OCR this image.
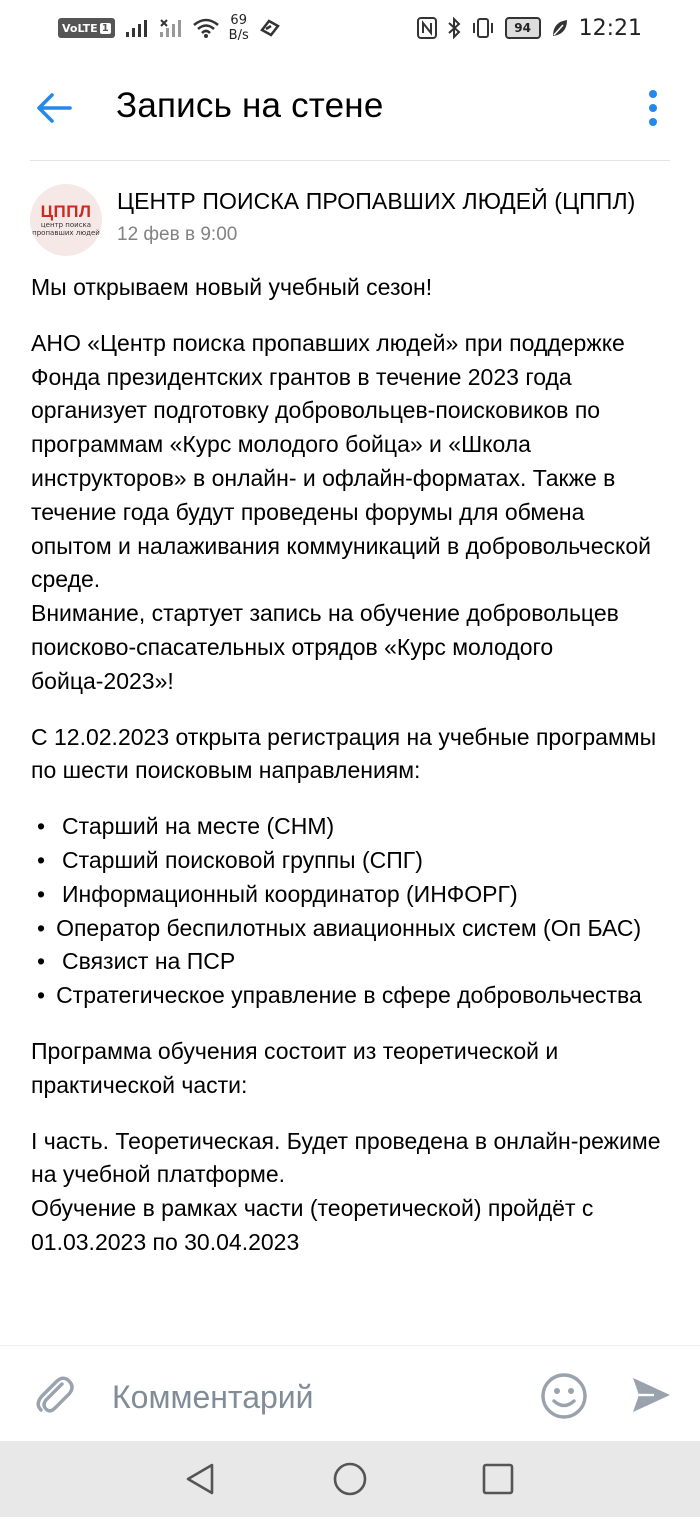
VoLTE 1	69
B/s	94 12:21
Запись на стене
ЦППЛ
центр поиска
пропавших людей
ЦЕНТР ПОИСКА ПРОПАВШИХ ЛЮДЕЙ (ЦППЛ)
12 фев в 9:00

Мы открываем новый учебный сезон!

АНО «Центр поиска пропавших людей» при поддержке Фонда президентских грантов в течение 2023 года организует подготовку добровольцев-поисковиков по программам «Курс молодого бойца» и «Школа инструкторов» в онлайн- и офлайн-форматах. Также в течение года будут проведены форумы для обмена опытом и налаживания коммуникаций в добровольческой среде.

Внимание, стартует запись на обучение добровольцев поисково-спасательных отрядов «Курс молодого бойца-2023»!

С 12.02.2023 открыта регистрация на учебные программы по шести поисковым направлениям:

• Старший на месте (СНМ)
• Старший поисковой группы (СПГ)
• Информационный координатор (ИНФОРГ)
• Оператор беспилотных авиационных систем (Оп БАС)
• Связист на ПСР
• Стратегическое управление в сфере добровольчества

Программа обучения состоит из теоретической и практической части:

I часть. Теоретическая. Будет проведена в онлайн-режиме на учебной платформе.

Обучение в рамках части (теоретической) пройдёт с 01.03.2023 по 30.04.2023

Комментарий
